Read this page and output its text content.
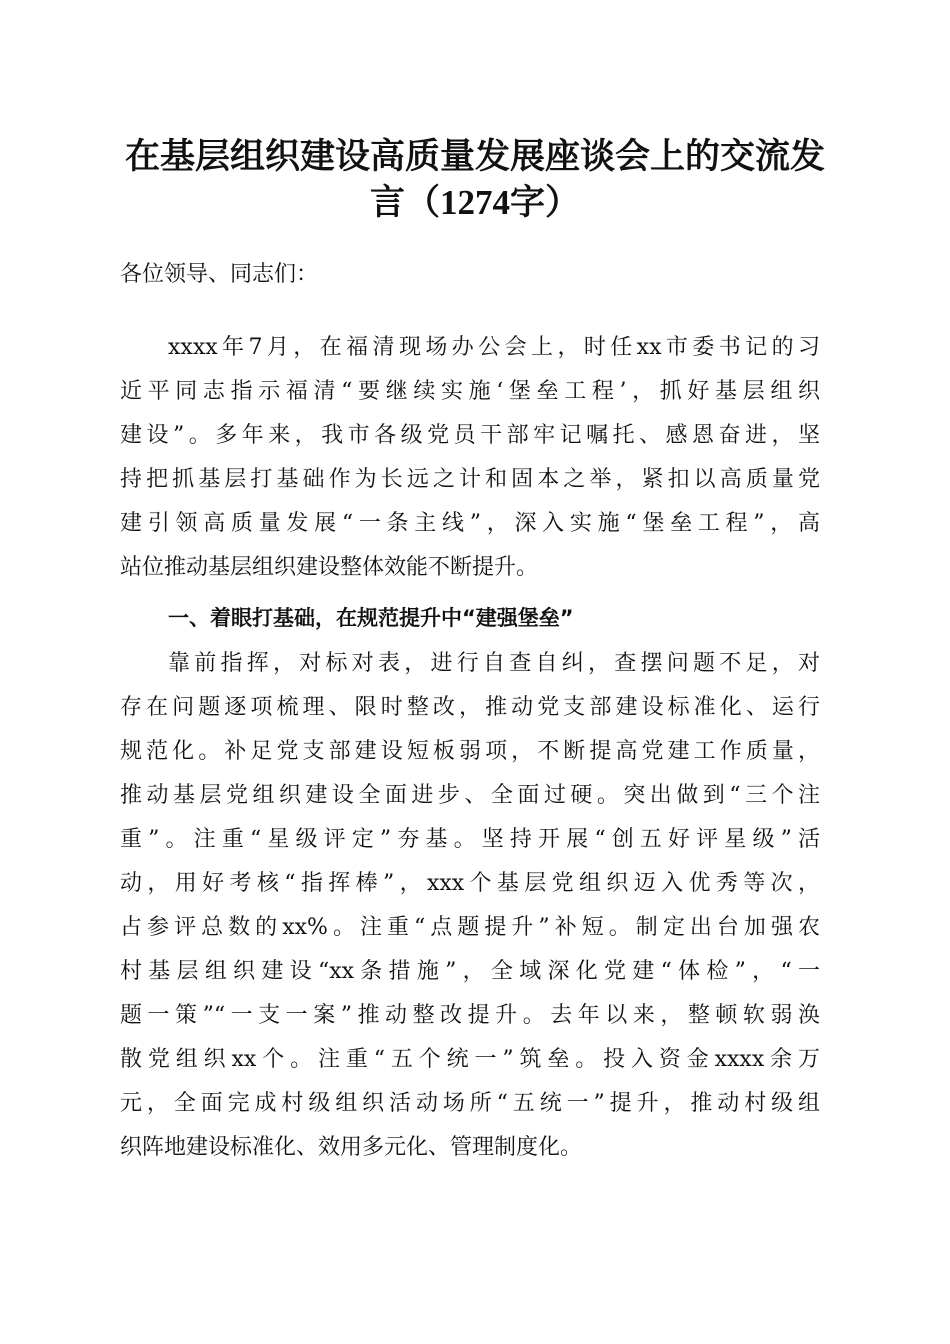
在基层组织建设高质量发展座谈会上的交流发
言（1274字）
各位领导、同志们：
xxxx年7月，在福清现场办公会上，时任xx市委书记的习
近平同志指示福清“要继续实施‘堡垒工程’，抓好基层组织
建设”。多年来，我市各级党员干部牢记嘱托、感恩奋进，坚
持把抓基层打基础作为长远之计和固本之举，紧扣以高质量党
建引领高质量发展“一条主线”，深入实施“堡垒工程”，高
站位推动基层组织建设整体效能不断提升。
一、着眼打基础，在规范提升中“建强堡垒”
靠前指挥，对标对表，进行自查自纠，查摆问题不足，对
存在问题逐项梳理、限时整改，推动党支部建设标准化、运行
规范化。补足党支部建设短板弱项，不断提高党建工作质量，
推动基层党组织建设全面进步、全面过硬。突出做到“三个注
重”。注重“星级评定”夯基。坚持开展“创五好评星级”活
动，用好考核“指挥棒”，xxx个基层党组织迈入优秀等次，
占参评总数的xx%。注重“点题提升”补短。制定出台加强农
村基层组织建设“xx条措施”，全域深化党建“体检”，“一
题一策”“一支一案”推动整改提升。去年以来，整顿软弱涣
散党组织xx个。注重“五个统一”筑垒。投入资金xxxx余万
元，全面完成村级组织活动场所“五统一”提升，推动村级组
织阵地建设标准化、效用多元化、管理制度化。
